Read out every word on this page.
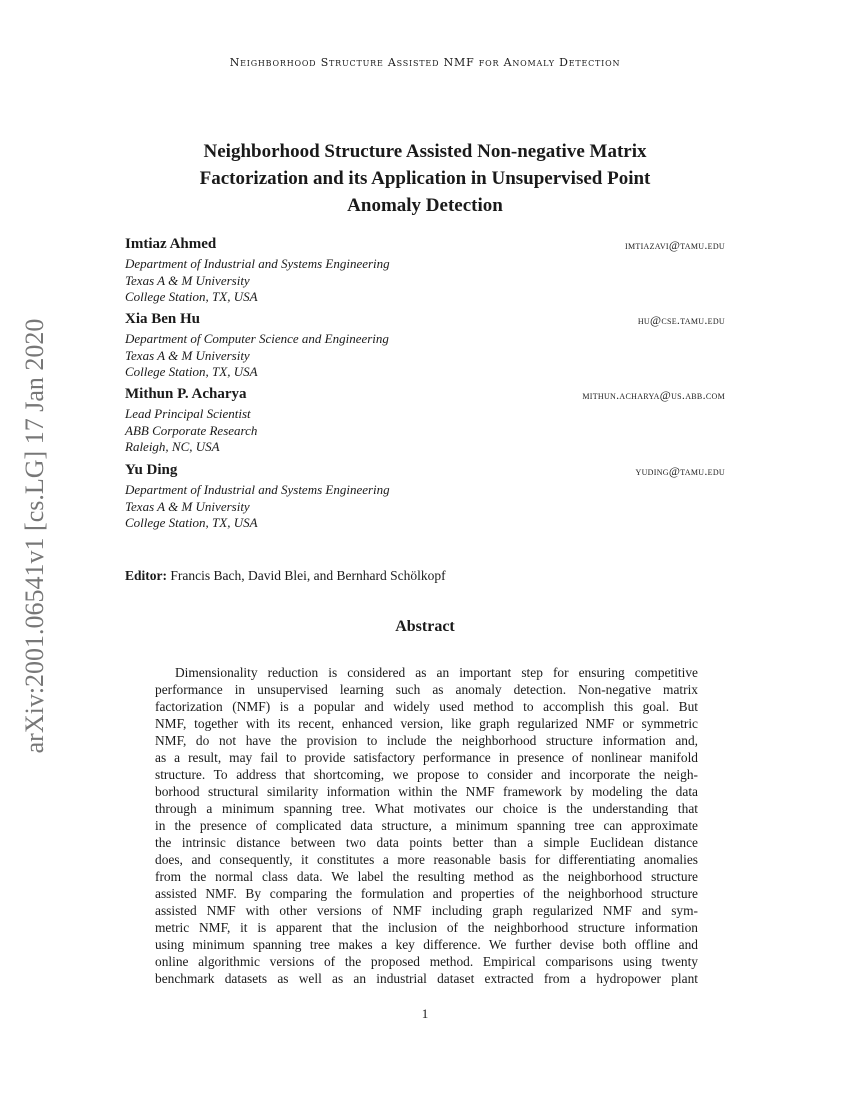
Neighborhood Structure Assisted NMF for Anomaly Detection
arXiv:2001.06541v1 [cs.LG] 17 Jan 2020
Neighborhood Structure Assisted Non-negative Matrix
Factorization and its Application in Unsupervised Point
Anomaly Detection
Imtiaz Ahmed	imtiazavi@tamu.edu
Department of Industrial and Systems Engineering
Texas A & M University
College Station, TX, USA
Xia Ben Hu	hu@cse.tamu.edu
Department of Computer Science and Engineering
Texas A & M University
College Station, TX, USA
Mithun P. Acharya	mithun.acharya@us.abb.com
Lead Principal Scientist
ABB Corporate Research
Raleigh, NC, USA
Yu Ding	yuding@tamu.edu
Department of Industrial and Systems Engineering
Texas A & M University
College Station, TX, USA
Editor: Francis Bach, David Blei, and Bernhard Schölkopf
Abstract
Dimensionality reduction is considered as an important step for ensuring competitive
performance in unsupervised learning such as anomaly detection. Non-negative matrix
factorization (NMF) is a popular and widely used method to accomplish this goal. But
NMF, together with its recent, enhanced version, like graph regularized NMF or symmetric
NMF, do not have the provision to include the neighborhood structure information and,
as a result, may fail to provide satisfactory performance in presence of nonlinear manifold
structure. To address that shortcoming, we propose to consider and incorporate the neigh-
borhood structural similarity information within the NMF framework by modeling the data
through a minimum spanning tree. What motivates our choice is the understanding that
in the presence of complicated data structure, a minimum spanning tree can approximate
the intrinsic distance between two data points better than a simple Euclidean distance
does, and consequently, it constitutes a more reasonable basis for differentiating anomalies
from the normal class data. We label the resulting method as the neighborhood structure
assisted NMF. By comparing the formulation and properties of the neighborhood structure
assisted NMF with other versions of NMF including graph regularized NMF and sym-
metric NMF, it is apparent that the inclusion of the neighborhood structure information
using minimum spanning tree makes a key difference. We further devise both offline and
online algorithmic versions of the proposed method. Empirical comparisons using twenty
benchmark datasets as well as an industrial dataset extracted from a hydropower plant
1
